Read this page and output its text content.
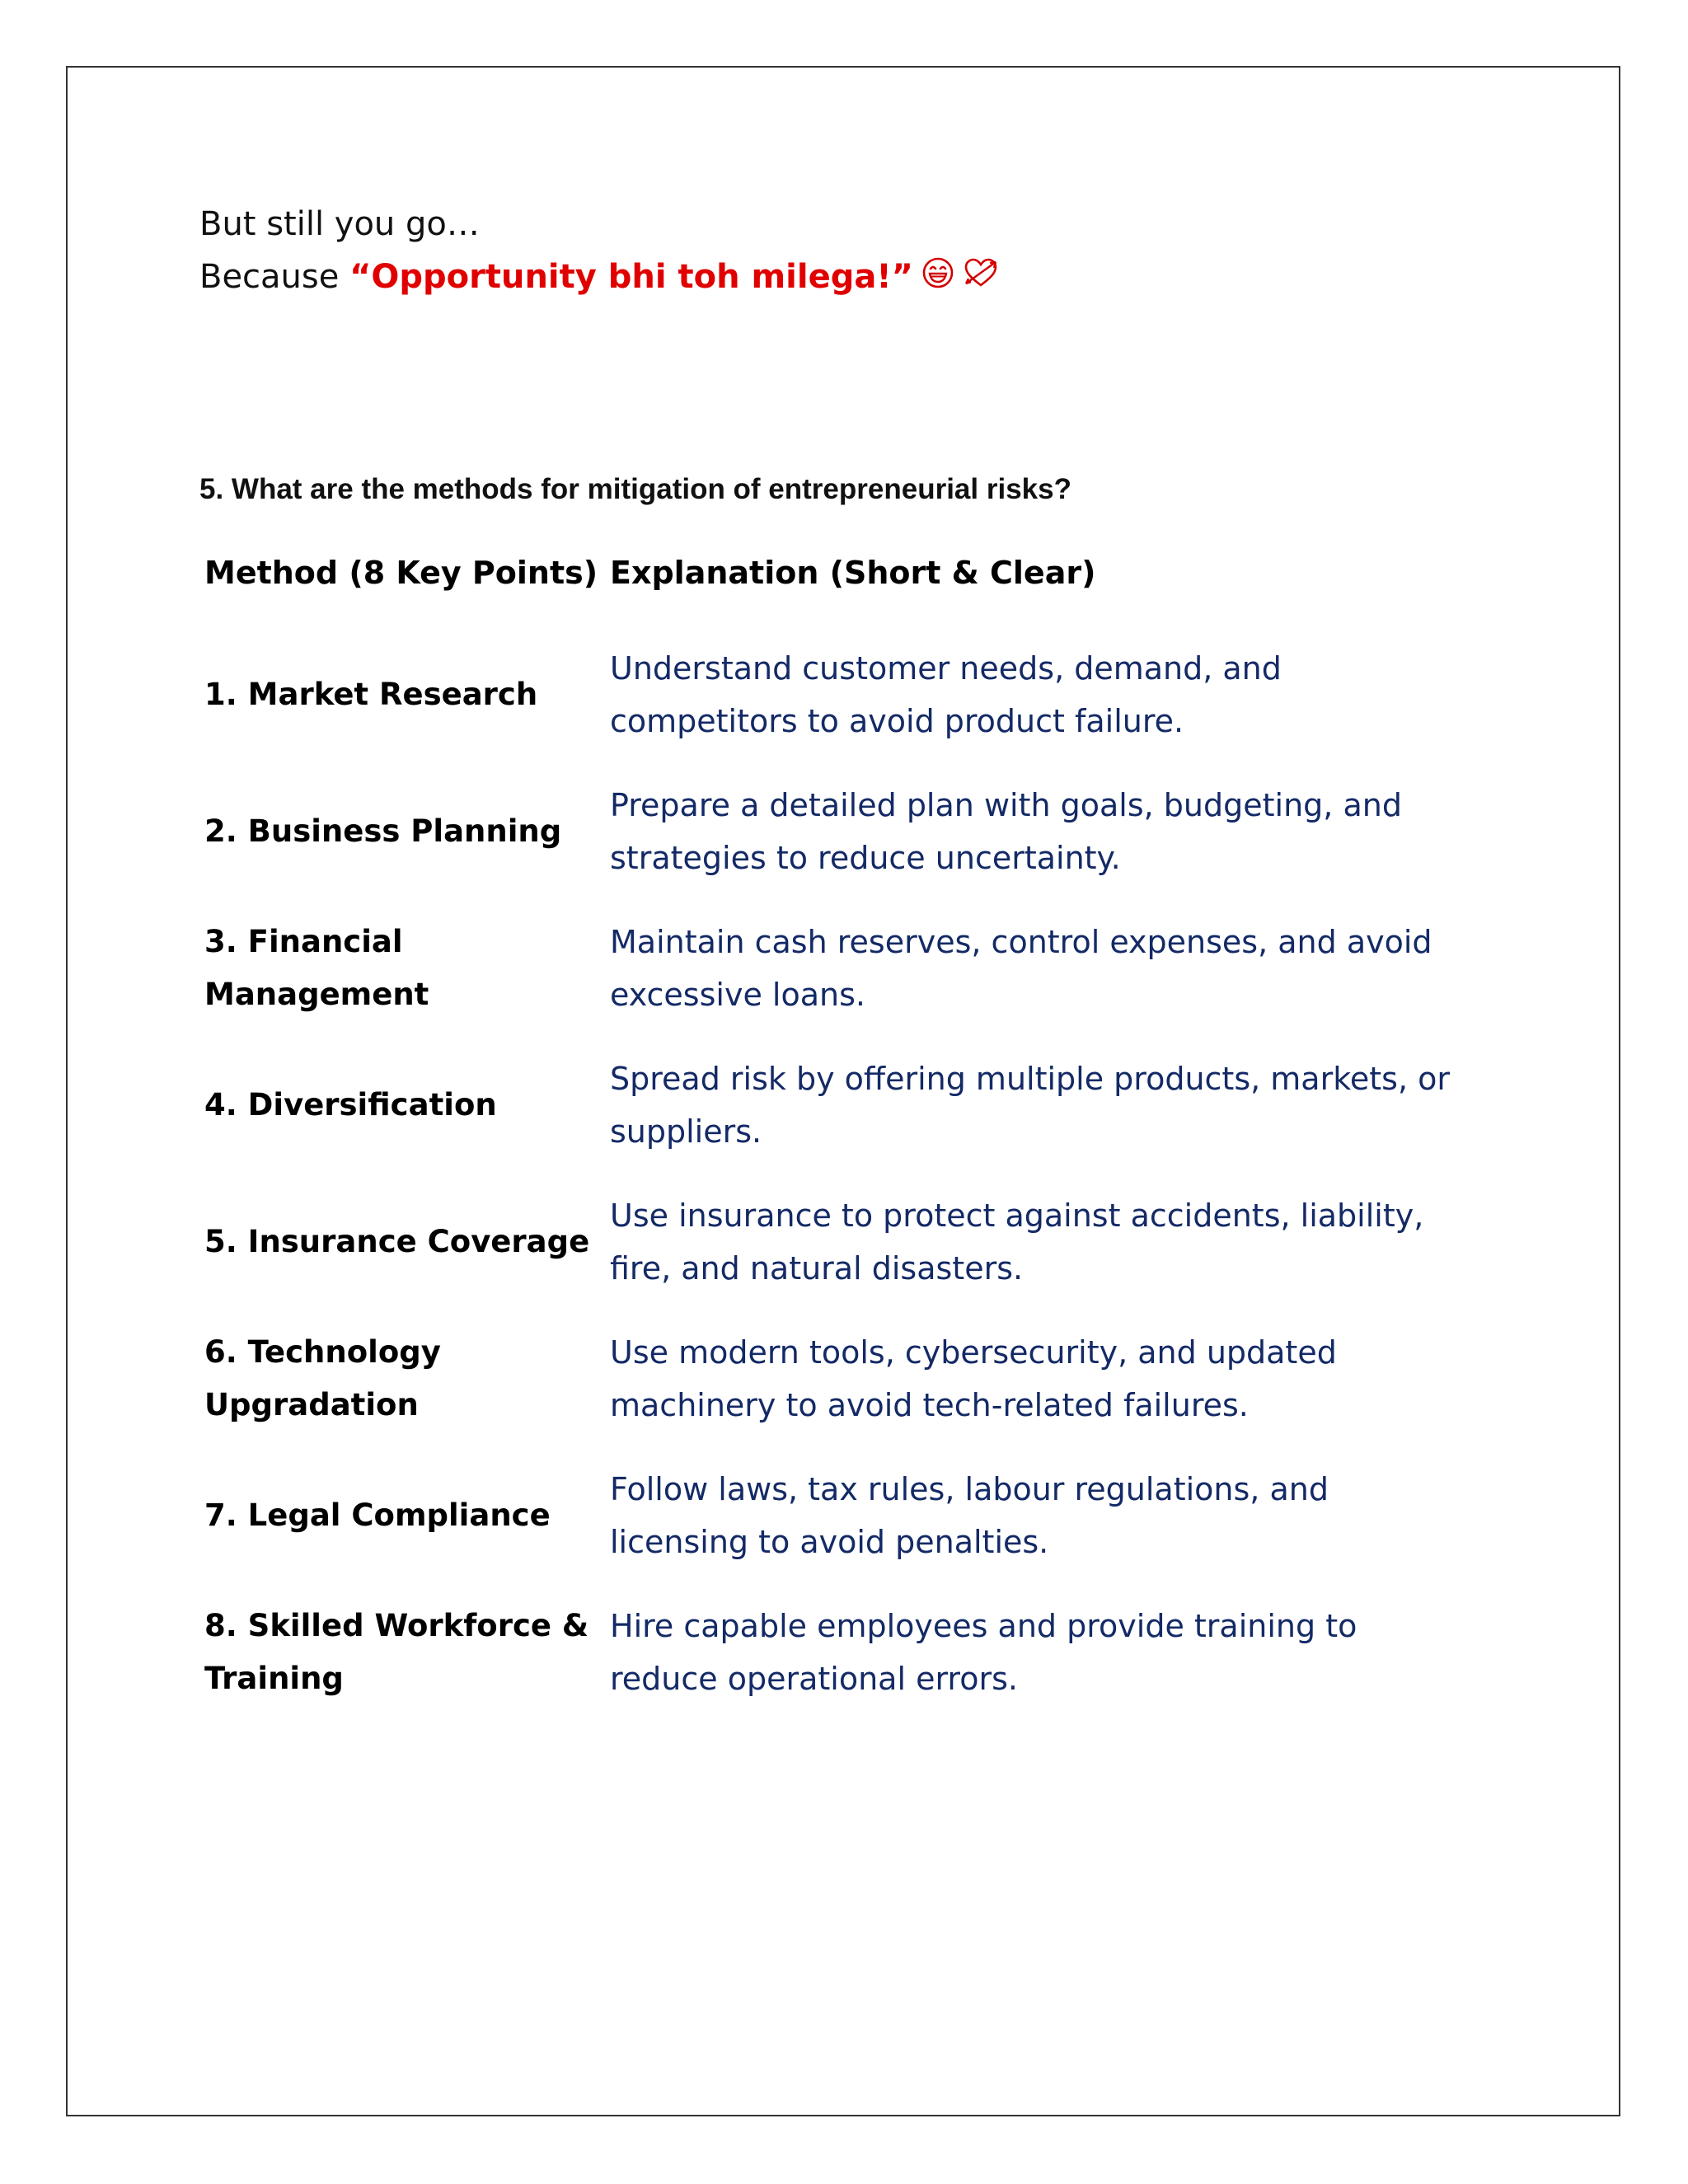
But still you go…
Because “Opportunity bhi toh milega!”
5. What are the methods for mitigation of entrepreneurial risks?
Method (8 Key Points)	Explanation (Short & Clear)

1. Market Research	Understand customer needs, demand, and competitors to avoid product failure.
2. Business Planning	Prepare a detailed plan with goals, budgeting, and strategies to reduce uncertainty.
3. Financial Management	Maintain cash reserves, control expenses, and avoid excessive loans.
4. Diversification	Spread risk by offering multiple products, markets, or suppliers.
5. Insurance Coverage	Use insurance to protect against accidents, liability, fire, and natural disasters.
6. Technology Upgradation	Use modern tools, cybersecurity, and updated machinery to avoid tech-related failures.
7. Legal Compliance	Follow laws, tax rules, labour regulations, and licensing to avoid penalties.
8. Skilled Workforce & Training	Hire capable employees and provide training to reduce operational errors.
